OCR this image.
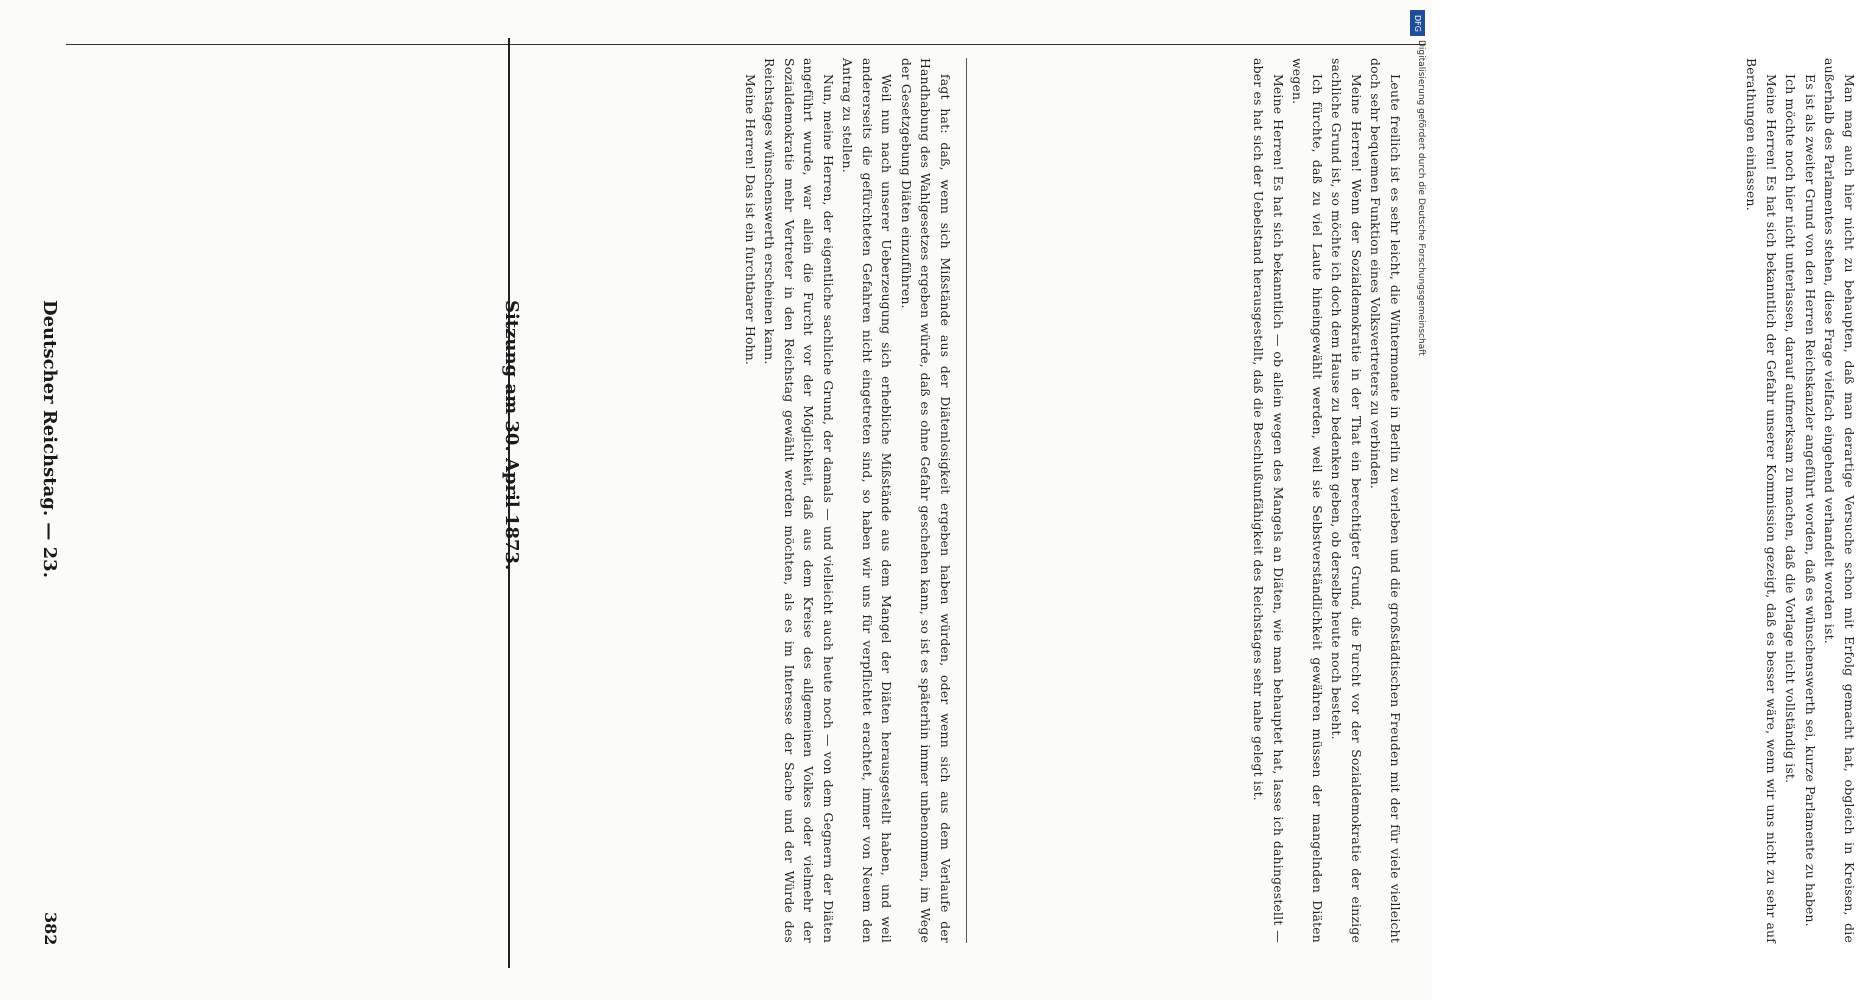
382
Deutscher Reichstag. — 23.	fagt hat: daß, wenn sich Mißstände aus der Diätenlosigkeit ergeben haben würden, oder wenn sich aus dem Verlaufe der Handhabung des Wahlgesetzes ergeben würde, daß es ohne Gefahr geschehen kann, so ist es späterhin immer unbenommen, im Wege der Gesetzgebung Diäten einzuführen.

Weil nun nach unserer Ueberzeugung sich erhebliche Mißstände aus dem Mangel der Diäten herausgestellt haben, und weil andererseits die gefürchteten Gefahren nicht eingetreten sind, so haben wir uns für verpflichtet erachtet, immer von Neuem den Antrag zu stellen.

Nun, meine Herren, der eigentliche sachliche Grund, der damals — und vielleicht auch heute noch — von dem Gegnern der Diäten angeführt wurde, war allein die Furcht vor der Möglichkeit, daß aus dem Kreise des allgemeinen Volkes oder vielmehr der Sozialdemokratie mehr Vertreter in den Reichstag gewählt werden möchten, als es im Interesse der Sache und der Würde des Reichstages wünschenswerth erscheinen kann.

Meine Herren! Das ist ein furchtbarer Hohn.

Sitzung am 30. April 1873.	Leute freilich ist es sehr leicht, die Wintermonate in Berlin zu verleben und die großstädtischen Freuden mit der für viele vielleicht doch sehr bequemen Funktion eines Volksvertreters zu verbinden.

Meine Herren! Wenn der Sozialdemokratie in der That ein berechtigter Grund, die Furcht vor der Sozialdemokratie der einzige sachliche Grund ist, so möchte ich doch dem Hause zu bedenken geben, ob derselbe heute noch besteht.

Ich fürchte, daß zu viel Laute hineingewählt werden, weil sie Selbstverständlichkeit gewähren müssen der mangelnden Diäten wegen.

Meine Herren! Es hat sich bekanntlich — ob allein wegen des Mangels an Diäten, wie man behauptet hat, lasse ich dahingestellt — aber es hat sich der Uebelstand herausgestellt, daß die Beschlußunfähigkeit des Reichstages sehr nahe gelegt ist.	Man mag auch hier nicht zu behaupten, daß man derartige Versuche schon mit Erfolg gemacht hat, obgleich in Kreisen, die außerhalb des Parlamentes stehen, diese Frage vielfach eingehend verhandelt worden ist.

Es ist als zweiter Grund von den Herren Reichskanzler angeführt worden, daß es wünschenswerth sei, kurze Parlamente zu haben.

Ich möchte noch hier nicht unterlassen, darauf aufmerksam zu machen, daß die Vorlage nicht vollständig ist.

Meine Herren! Es hat sich bekanntlich der Gefahr unserer Kommission gezeigt, daß es besser wäre, wenn wir uns nicht zu sehr auf Berathungen einlassen.

DFG
Digitalisierung gefördert durch die Deutsche Forschungsgemeinschaft
